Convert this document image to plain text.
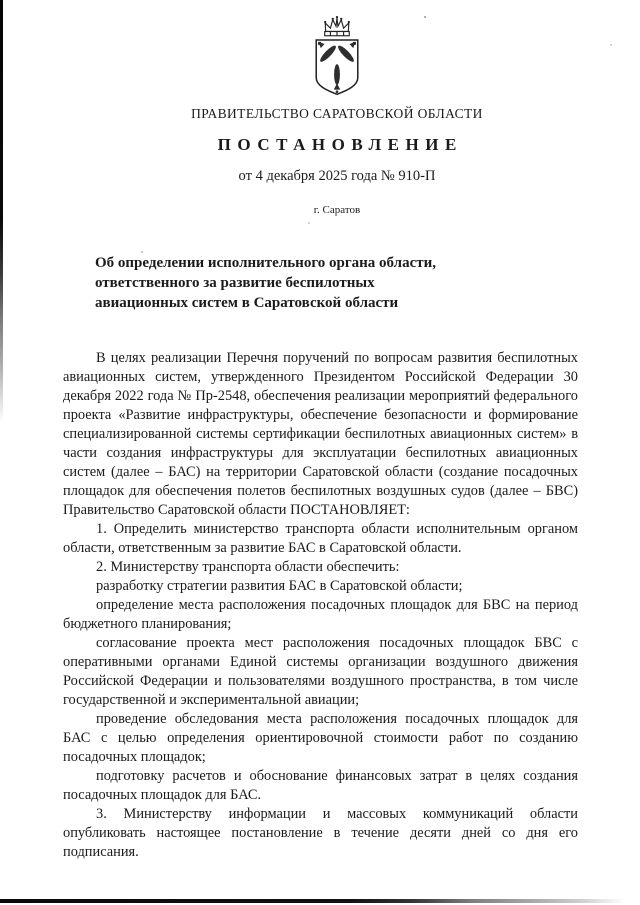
ПРАВИТЕЛЬСТВО САРАТОВСКОЙ ОБЛАСТИ
ПОСТАНОВЛЕНИЕ
от 4 декабря 2025 года № 910-П
г. Саратов
Об определении исполнительного органа области,
ответственного за развитие беспилотных
авиационных систем в Саратовской области

В целях реализации Перечня поручений по вопросам развития беспилотных авиационных систем, утвержденного Президентом Российской Федерации 30 декабря 2022 года № Пр-2548, обеспечения реализации мероприятий федерального проекта «Развитие инфраструктуры, обеспечение безопасности и формирование специализированной системы сертификации беспилотных авиационных систем» в части создания инфраструктуры для эксплуатации беспилотных авиационных систем (далее – БАС) на территории Саратовской области (создание посадочных площадок для обеспечения полетов беспилотных воздушных судов (далее – БВС) Правительство Саратовской области ПОСТАНОВЛЯЕТ:

1. Определить министерство транспорта области исполнительным органом области, ответственным за развитие БАС в Саратовской области.

2. Министерству транспорта области обеспечить:

разработку стратегии развития БАС в Саратовской области;

определение места расположения посадочных площадок для БВС на период бюджетного планирования;

согласование проекта мест расположения посадочных площадок БВС с оперативными органами Единой системы организации воздушного движения Российской Федерации и пользователями воздушного пространства, в том числе государственной и экспериментальной авиации;

проведение обследования места расположения посадочных площадок для БАС с целью определения ориентировочной стоимости работ по созданию посадочных площадок;

подготовку расчетов и обоснование финансовых затрат в целях создания посадочных площадок для БАС.

3. Министерству информации и массовых коммуникаций области опубликовать настоящее постановление в течение десяти дней со дня его подписания.
